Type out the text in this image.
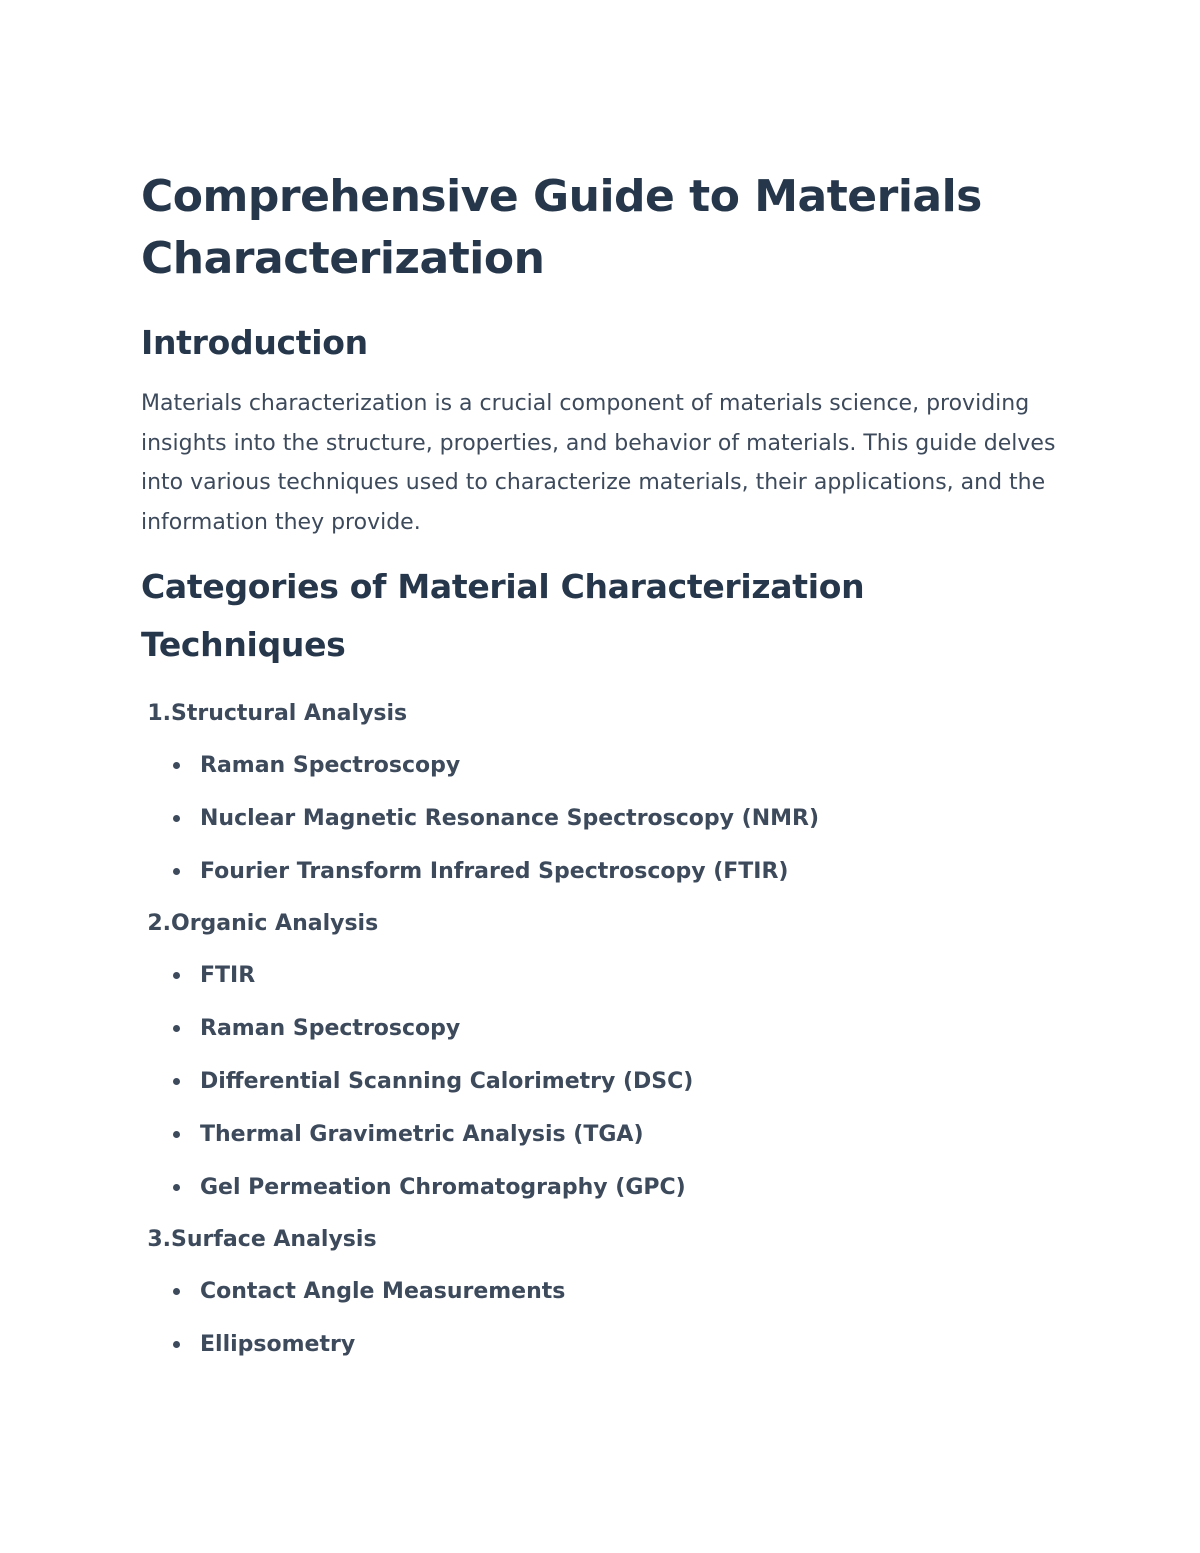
Comprehensive Guide to Materials Characterization
Introduction

Materials characterization is a crucial component of materials science, providing insights into the structure, properties, and behavior of materials. This guide delves into various techniques used to characterize materials, their applications, and the information they provide.

Categories of Material Characterization Techniques
1. Structural Analysis
Raman Spectroscopy
Nuclear Magnetic Resonance Spectroscopy (NMR)
Fourier Transform Infrared Spectroscopy (FTIR)
2. Organic Analysis
FTIR
Raman Spectroscopy
Differential Scanning Calorimetry (DSC)
Thermal Gravimetric Analysis (TGA)
Gel Permeation Chromatography (GPC)
3. Surface Analysis
Contact Angle Measurements
Ellipsometry
